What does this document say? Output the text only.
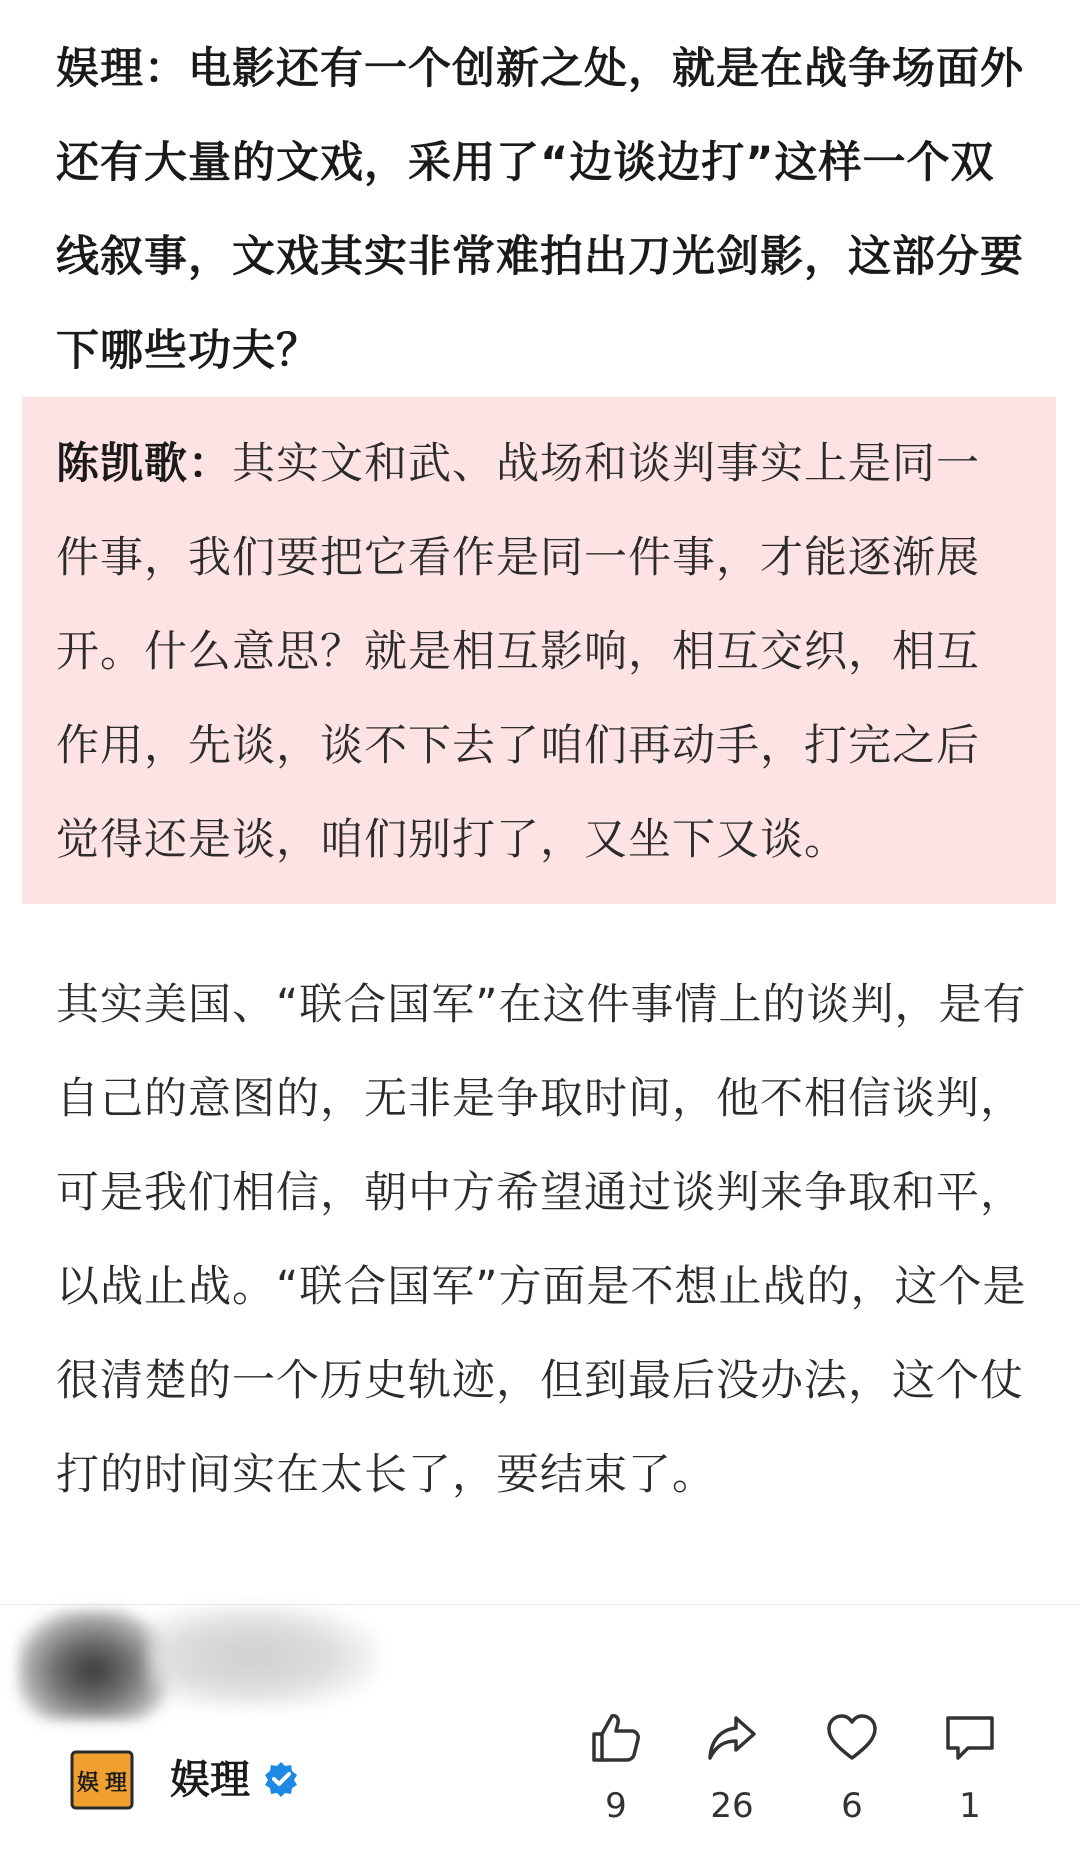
娱理：电影还有一个创新之处，就是在战争场面外还有大量的文戏，采用了“边谈边打”这样一个双线叙事，文戏其实非常难拍出刀光剑影，这部分要下哪些功夫？
陈凯歌：其实文和武、战场和谈判事实上是同一件事，我们要把它看作是同一件事，才能逐渐展开。什么意思？就是相互影响，相互交织，相互作用，先谈，谈不下去了咱们再动手，打完之后觉得还是谈，咱们别打了，又坐下又谈。
其实美国、“联合国军”在这件事情上的谈判，是有自己的意图的，无非是争取时间，他不相信谈判，可是我们相信，朝中方希望通过谈判来争取和平，以战止战。“联合国军”方面是不想止战的，这个是很清楚的一个历史轨迹，但到最后没办法，这个仗打的时间实在太长了，要结束了。
娱 理 娱理
9	26	6	1
